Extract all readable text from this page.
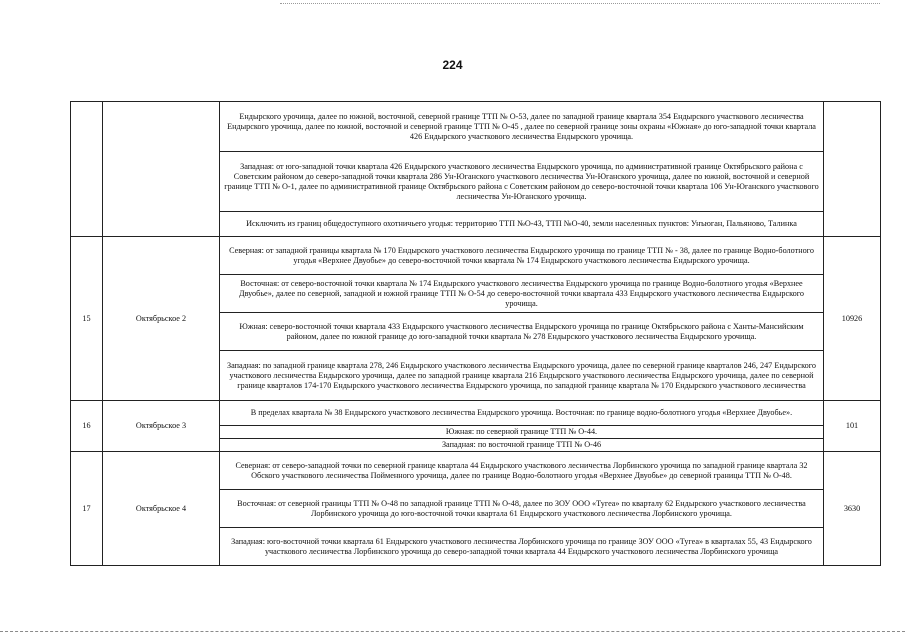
224
		Ендырского урочища, далее по южной, восточной, северной границе ТТП № О-53, далее по западной границе квартала 354 Ендырского участкового лесничества Ендырского урочища, далее по южной, восточной и северной границе ТТП № О-45 , далее по северной границе зоны охраны «Южная» до юго-западной точки квартала 426 Ендырского участкового лесничества Ендырского урочища.	
		Западная: от юго-западной точки квартала 426 Ендырского участкового лесничества Ендырского урочища, по административной границе Октябрьского района с Советским районом до северо-западной точки квартала 286 Ун-Юганского участкового лесничества Ун-Юганского урочища, далее по южной, восточной и северной границе ТТП № О-1, далее по административной границе Октябрьского района с Советским районом до северо-восточной точки квартала 106 Ун-Юганского участкового лесничества Ун-Юганского урочища.	
		Исключить из границ общедоступного охотничьего угодья: территорию ТТП №О-43, ТТП №О-40, земли населенных пунктов: Унъюган, Пальяново, Талинка	
15	Октябрьское 2	Северная: от западной границы квартала № 170 Ендырского участкового лесничества Ендырского урочища по границе ТТП № - 38, далее по границе Водно-болотного угодья «Верхнее Двуобье» до северо-восточной точки квартала № 174 Ендырского участкового лесничества Ендырского урочища.	10926
		Восточная: от северо-восточной точки квартала № 174 Ендырского участкового лесничества Ендырского урочища по границе Водно-болотного угодья «Верхнее Двуобье», далее по северной, западной и южной границе ТТП № О-54 до северо-восточной точки квартала 433 Ендырского участкового лесничества Ендырского урочища.	
		Южная: северо-восточной точки квартала 433 Ендырского участкового лесничества Ендырского урочища по границе Октябрьского района с Ханты-Мансийским районом, далее по южной границе до юго-западной точки квартала № 278 Ендырского участкового лесничества Ендырского урочища.	
		Западная: по западной границе квартала 278, 246 Ендырского участкового лесничества Ендырского урочища, далее по северной границе кварталов 246, 247 Ендырского участкового лесничества Ендырского урочища, далее по западной границе квартала 216 Ендырского участкового лесничества Ендырского урочища, далее по северной границе кварталов 174-170 Ендырского участкового лесничества Ендырского урочища, по западной границе квартала № 170 Ендырского участкового лесничества	
16	Октябрьское 3	В пределах квартала № 38 Ендырского участкового лесничества Ендырского урочища. Восточная: по границе водно-болотного угодья «Верхнее Двуобье».	101
		Южная: по северной границе ТТП № О-44.	
		Западная: по восточной границе ТТП № О-46	
17	Октябрьское 4	Северная: от северо-западной точки по северной границе квартала 44 Ендырского участкового лесничества Лорбинского урочища по западной границе квартала 32 Обского участкового лесничества Пойменного урочища, далее по границе Водно-болотного угодья «Верхнее Двуобье» до северной границы ТТП № О-48.	3630
		Восточная: от северной границы ТТП № О-48 по западной границе ТТП № О-48, далее по ЗОУ ООО «Тугеа» по кварталу 62 Ендырского участкового лесничества Лорбинского урочища до юго-восточной точки квартала 61 Ендырского участкового лесничества Лорбинского урочища.	
		Западная: юго-восточной точки квартала 61 Ендырского участкового лесничества Лорбинского урочища по границе ЗОУ ООО «Тугеа» в кварталах 55, 43 Ендырского участкового лесничества Лорбинского урочища до северо-западной точки квартала 44 Ендырского участкового лесничества Лорбинского урочища	
